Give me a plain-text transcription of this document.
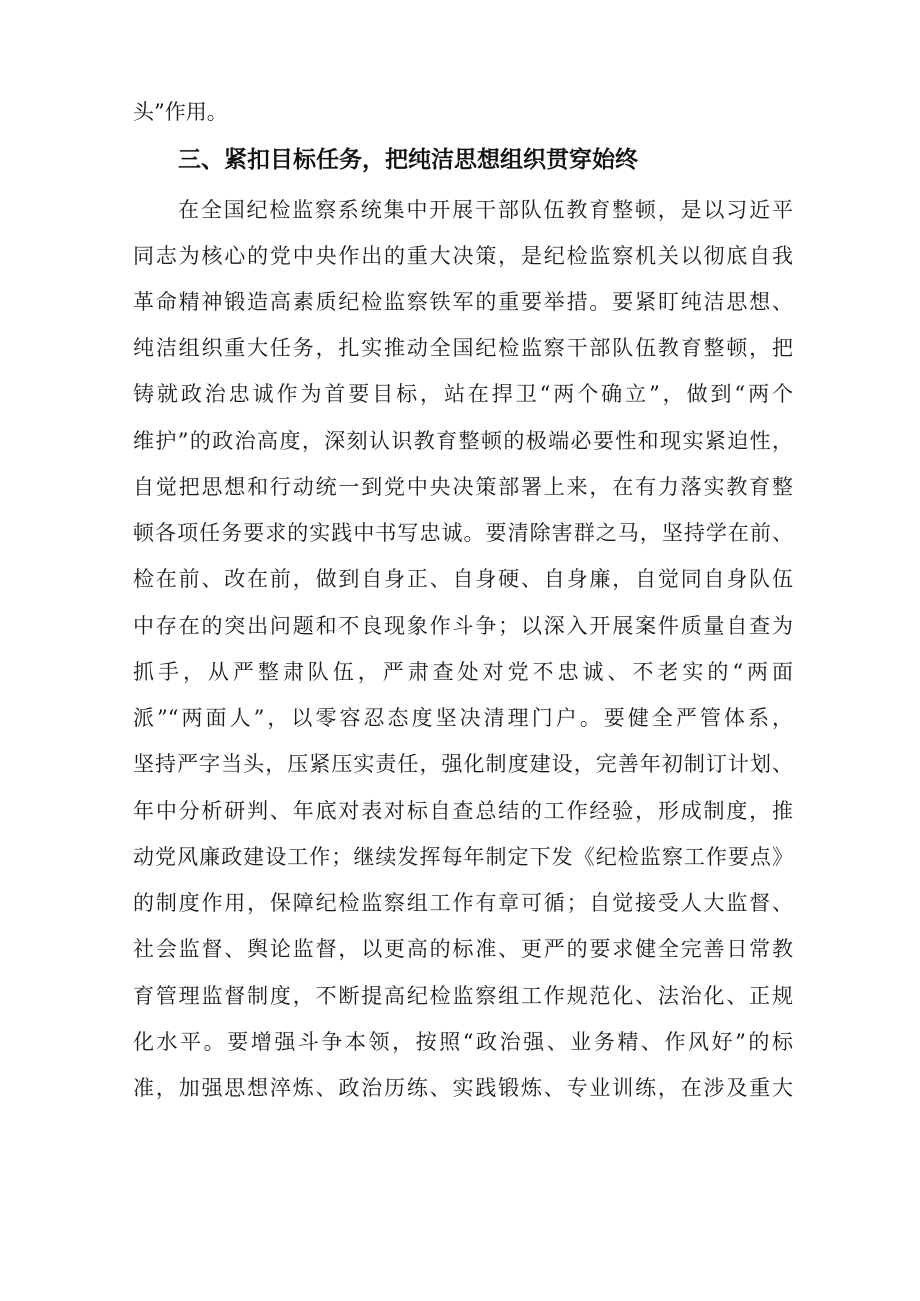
头”作用。

三、紧扣目标任务，把纯洁思想组织贯穿始终

在全国纪检监察系统集中开展干部队伍教育整顿，是以习近平

同志为核心的党中央作出的重大决策，是纪检监察机关以彻底自我

革命精神锻造高素质纪检监察铁军的重要举措。要紧盯纯洁思想、

纯洁组织重大任务，扎实推动全国纪检监察干部队伍教育整顿，把

铸就政治忠诚作为首要目标，站在捍卫“两个确立”，做到“两个

维护”的政治高度，深刻认识教育整顿的极端必要性和现实紧迫性，

自觉把思想和行动统一到党中央决策部署上来，在有力落实教育整

顿各项任务要求的实践中书写忠诚。要清除害群之马，坚持学在前、

检在前、改在前，做到自身正、自身硬、自身廉，自觉同自身队伍

中存在的突出问题和不良现象作斗争；以深入开展案件质量自查为

抓手，从严整肃队伍，严肃查处对党不忠诚、不老实的“两面

派”“两面人”，以零容忍态度坚决清理门户。要健全严管体系，

坚持严字当头，压紧压实责任，强化制度建设，完善年初制订计划、

年中分析研判、年底对表对标自查总结的工作经验，形成制度，推

动党风廉政建设工作；继续发挥每年制定下发《纪检监察工作要点》

的制度作用，保障纪检监察组工作有章可循；自觉接受人大监督、

社会监督、舆论监督，以更高的标准、更严的要求健全完善日常教

育管理监督制度，不断提高纪检监察组工作规范化、法治化、正规

化水平。要增强斗争本领，按照“政治强、业务精、作风好”的标

准，加强思想淬炼、政治历练、实践锻炼、专业训练，在涉及重大
